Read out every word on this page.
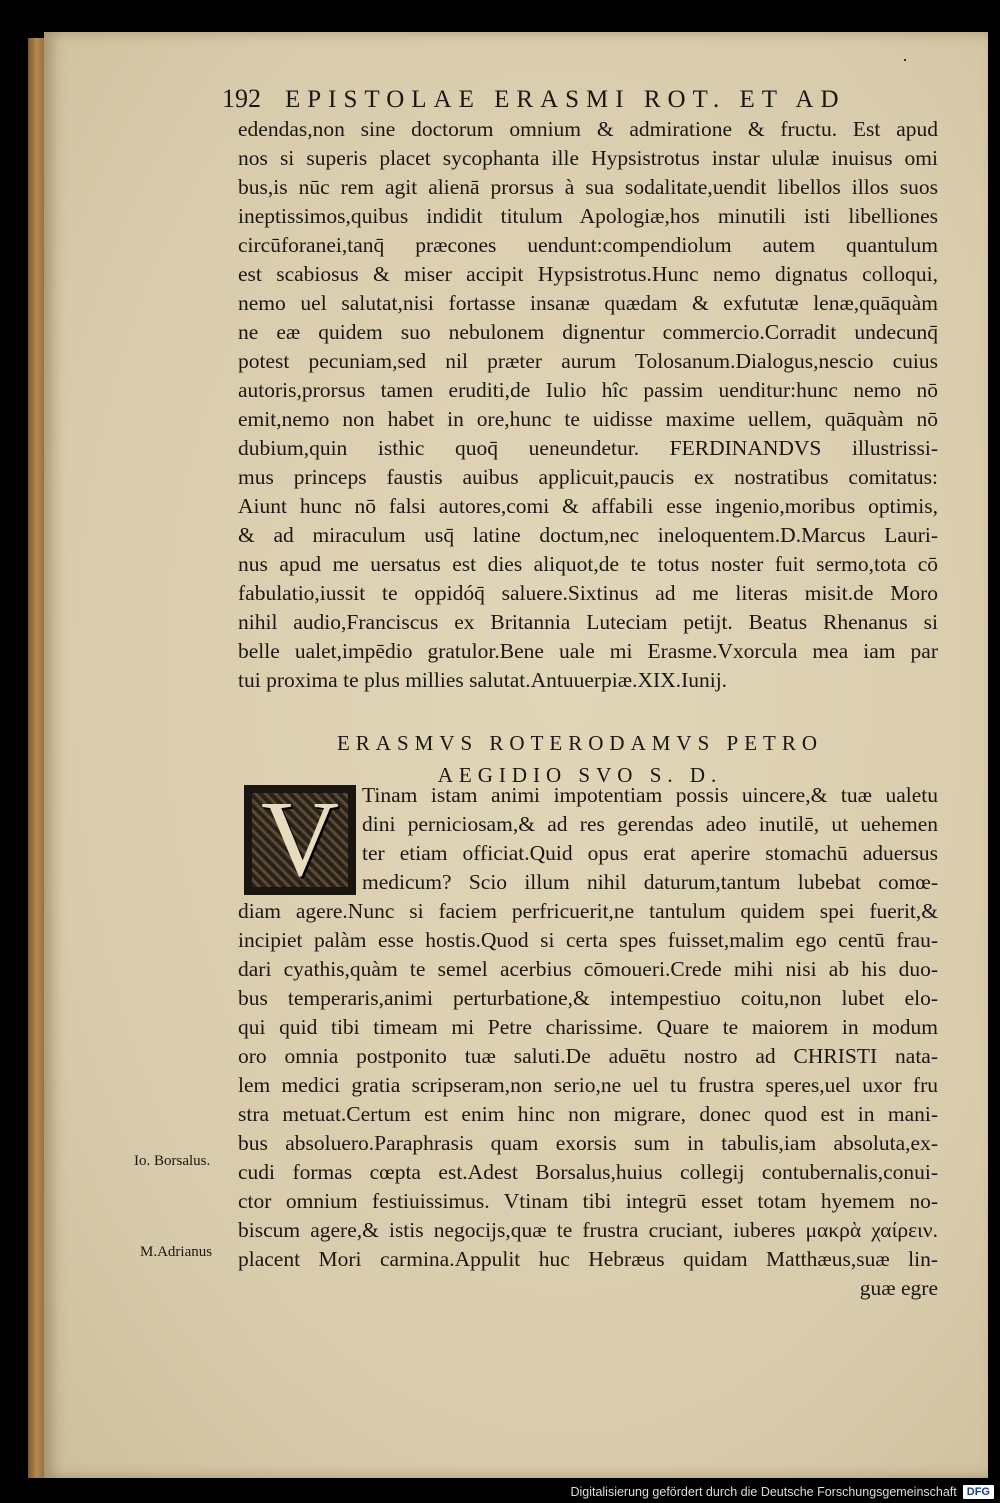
·
192 EPISTOLAE ERASMI ROT. ET AD
edendas,non sine doctorum omnium & admiratione & fructu. Est apud
nos si superis placet sycophanta ille Hypsistrotus instar ululæ inuisus omi
bus,is nūc rem agit alienā prorsus à sua sodalitate,uendit libellos illos suos
ineptissimos,quibus indidit titulum Apologiæ,hos minutili isti libelliones
circūforanei,tanq̄ præcones uendunt:compendiolum autem quantulum
est scabiosus & miser accipit Hypsistrotus.Hunc nemo dignatus colloqui,
nemo uel salutat,nisi fortasse insanæ quædam & exfututæ lenæ,quāquàm
ne eæ quidem suo nebulonem dignentur commercio.Corradit undecunq̄
potest pecuniam,sed nil præter aurum Tolosanum.Dialogus,nescio cuius
autoris,prorsus tamen eruditi,de Iulio hîc passim uenditur:hunc nemo nō
emit,nemo non habet in ore,hunc te uidisse maxime uellem, quāquàm nō
dubium,quin isthic quoq̄ ueneundetur. FERDINANDVS illustrissi-
mus princeps faustis auibus applicuit,paucis ex nostratibus comitatus:
Aiunt hunc nō falsi autores,comi & affabili esse ingenio,moribus optimis,
& ad miraculum usq̄ latine doctum,nec ineloquentem.D.Marcus Lauri-
nus apud me uersatus est dies aliquot,de te totus noster fuit sermo,tota cō
fabulatio,iussit te oppidóq̄ saluere.Sixtinus ad me literas misit.de Moro
nihil audio,Franciscus ex Britannia Luteciam petijt. Beatus Rhenanus si
belle ualet,impēdio gratulor.Bene uale mi Erasme.Vxorcula mea iam par
tui proxima te plus millies salutat.Antuuerpiæ.XIX.Iunij.
ERASMVS ROTERODAMVS PETRO
AEGIDIO SVO S. D.
V	Tinam istam animi impotentiam possis uincere,& tuæ ualetu
dini perniciosam,& ad res gerendas adeo inutilē, ut uehemen
ter etiam officiat.Quid opus erat aperire stomachū aduersus
medicum? Scio illum nihil daturum,tantum lubebat comœ-
diam agere.Nunc si faciem perfricuerit,ne tantulum quidem spei fuerit,&
incipiet palàm esse hostis.Quod si certa spes fuisset,malim ego centū frau-
dari cyathis,quàm te semel acerbius cōmoueri.Crede mihi nisi ab his duo-
bus temperaris,animi perturbatione,& intempestiuo coitu,non lubet elo-
qui quid tibi timeam mi Petre charissime. Quare te maiorem in modum
oro omnia postponito tuæ saluti.De aduētu nostro ad CHRISTI nata-
lem medici gratia scripseram,non serio,ne uel tu frustra speres,uel uxor fru
stra metuat.Certum est enim hinc non migrare, donec quod est in mani-
bus absoluero.Paraphrasis quam exorsis sum in tabulis,iam absoluta,ex-
cudi formas cœpta est.Adest Borsalus,huius collegij contubernalis,conui-
ctor omnium festiuissimus. Vtinam tibi integrū esset totam hyemem no-
biscum agere,& istis negocijs,quæ te frustra cruciant, iuberes μακρὰ χαίρειν.
placent Mori carmina.Appulit huc Hebræus quidam Matthæus,suæ lin-
guæ egre
Io. Borsalus.
M.Adrianus
Digitalisierung gefördert durch die Deutsche Forschungsgemeinschaft DFG
